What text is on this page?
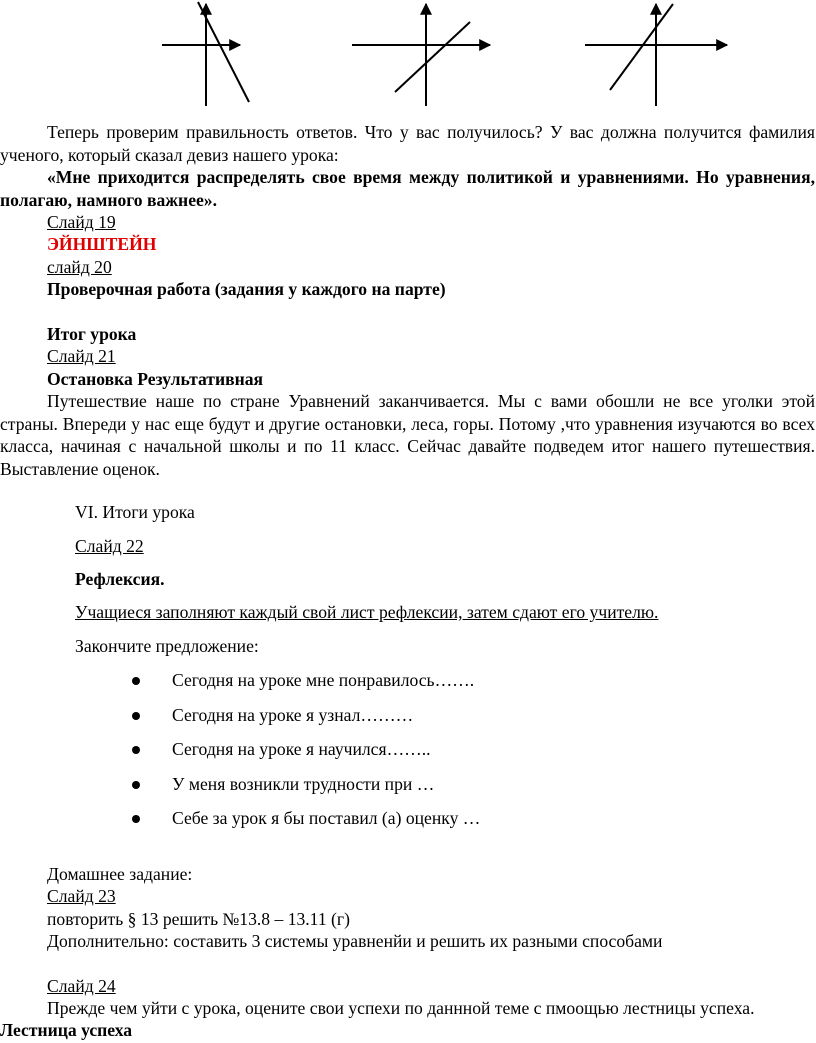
Теперь проверим правильность ответов. Что у вас получилось? У вас должна получится фамилия ученого, который сказал девиз нашего урока:
«Мне приходится распределять свое время между политикой и уравнениями. Но уравнения, полагаю, намного важнее».
Слайд 19
ЭЙНШТЕЙН
слайд 20
Проверочная работа (задания у каждого на парте)
Итог урока
Слайд 21
Остановка Результативная
Путешествие наше по стране Уравнений заканчивается. Мы с вами обошли не все уголки этой страны. Впереди у нас еще будут и другие остановки, леса, горы. Потому ,что уравнения изучаются во всех класса, начиная с начальной школы и по 11 класс. Сейчас давайте подведем итог нашего путешествия. Выставление оценок.
VI. Итоги урока
Слайд 22
Рефлексия.
Учащиеся заполняют каждый свой лист рефлексии, затем сдают его учителю.
Закончите предложение:
Сегодня на уроке мне понравилось…….
Сегодня на уроке я узнал………
Сегодня на уроке я научился……..
У меня возникли трудности при …
Себе за урок я бы поставил (а) оценку …
Домашнее задание:
Слайд 23
повторить § 13 решить №13.8 – 13.11 (г)
Дополнительно: составить 3 системы уравненйи и решить их разными способами
Слайд 24
Прежде чем уйти с урока, оцените свои успехи по даннной теме с пмоощью лестницы успеха.
Лестница успеха
